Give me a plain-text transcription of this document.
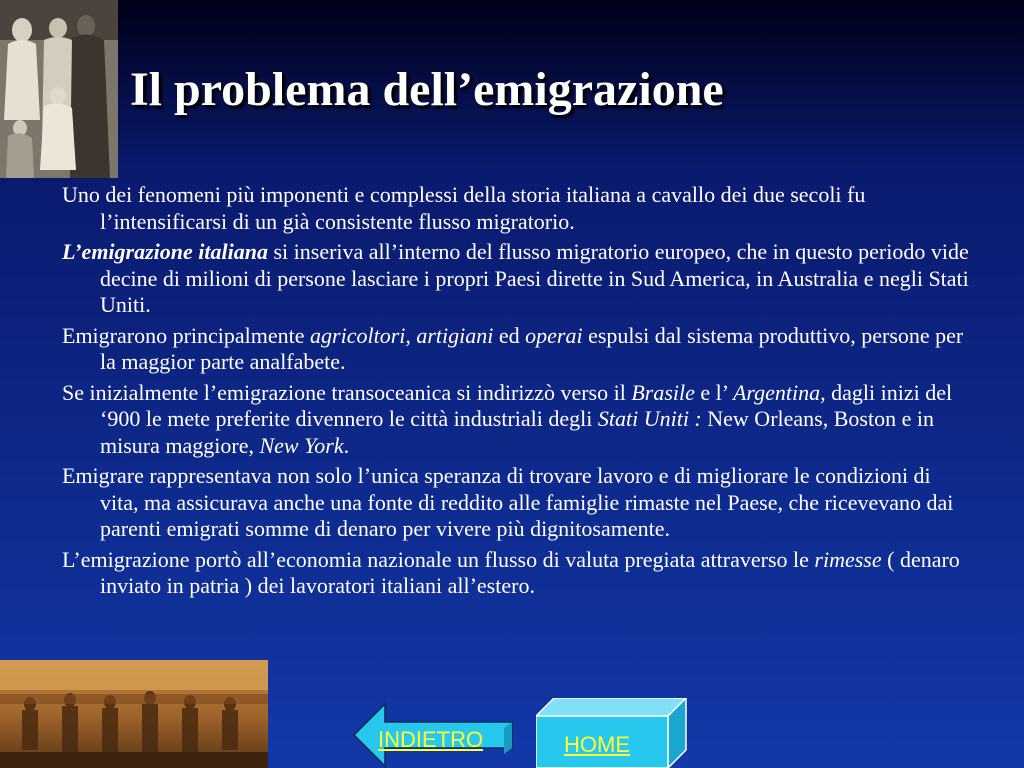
Il problema dell’emigrazione

Uno dei fenomeni più imponenti e complessi della storia italiana a cavallo dei due secoli fu l’intensificarsi di un già consistente flusso migratorio.

L’emigrazione italiana si inseriva all’interno del flusso migratorio europeo, che in questo periodo vide decine di milioni di persone lasciare i propri Paesi dirette in Sud America, in Australia e negli Stati Uniti.

Emigrarono principalmente agricoltori, artigiani ed operai espulsi dal sistema produttivo, persone per la maggior parte analfabete.

Se inizialmente l’emigrazione transoceanica si indirizzò verso il Brasile e l’ Argentina, dagli inizi del ‘900 le mete preferite divennero le città industriali degli Stati Uniti : New Orleans, Boston e in misura maggiore, New York.

Emigrare rappresentava non solo l’unica speranza di trovare lavoro e di migliorare le condizioni di vita, ma assicurava anche una fonte di reddito alle famiglie rimaste nel Paese, che ricevevano dai parenti emigrati somme di denaro per vivere più dignitosamente.

L’emigrazione portò all’economia nazionale un flusso di valuta pregiata attraverso le rimesse ( denaro inviato in patria ) dei lavoratori italiani all’estero.

INDIETRO	HOME
